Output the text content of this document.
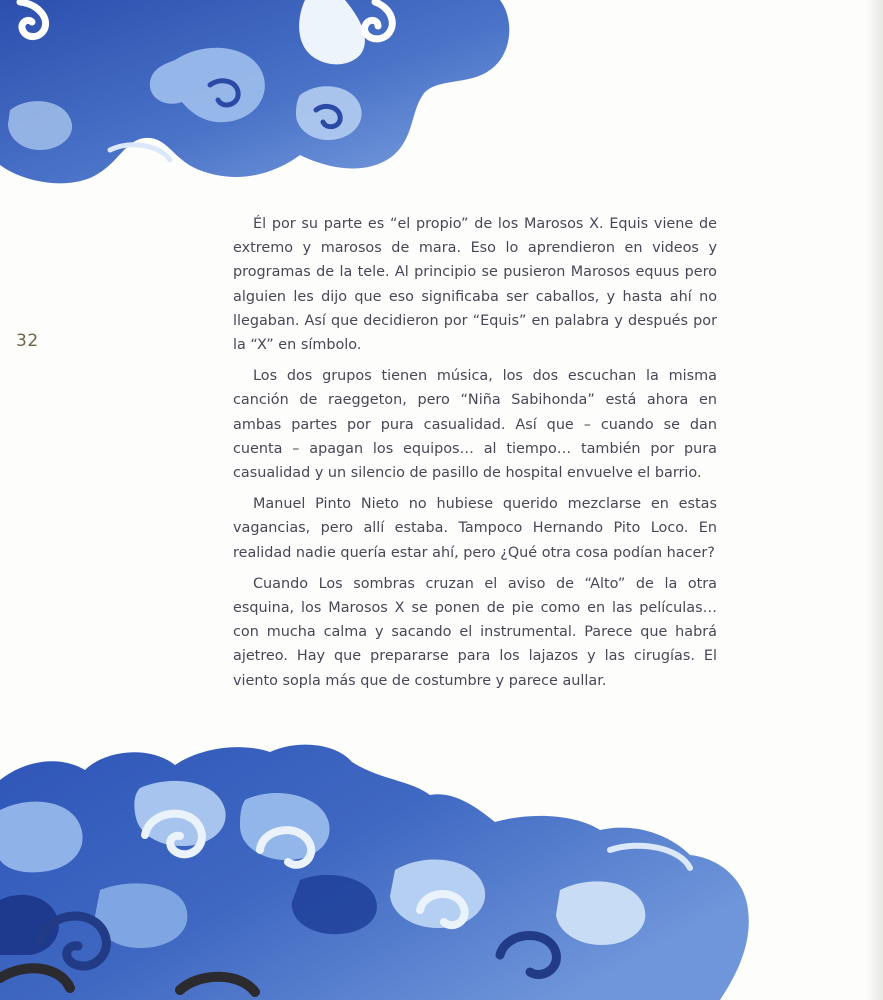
32

Él por su parte es “el propio” de los Marosos X. Equis viene de extremo y marosos de mara. Eso lo aprendieron en videos y programas de la tele. Al principio se pusieron Marosos equus pero alguien les dijo que eso significaba ser caballos, y hasta ahí no llegaban. Así que decidieron por “Equis” en palabra y después por la “X” en símbolo.

Los dos grupos tienen música, los dos escuchan la misma canción de raeggeton, pero “Niña Sabihonda” está ahora en ambas partes por pura casualidad. Así que – cuando se dan cuenta – apagan los equipos… al tiempo… también por pura casualidad y un silencio de pasillo de hospital envuelve el barrio.

Manuel Pinto Nieto no hubiese querido mezclarse en estas vagancias, pero allí estaba. Tampoco Hernando Pito Loco. En realidad nadie quería estar ahí, pero ¿Qué otra cosa podían hacer?

Cuando Los sombras cruzan el aviso de “Alto” de la otra esquina, los Marosos X se ponen de pie como en las películas… con mucha calma y sacando el instrumental. Parece que habrá ajetreo. Hay que prepararse para los lajazos y las cirugías. El viento sopla más que de costumbre y parece aullar.
